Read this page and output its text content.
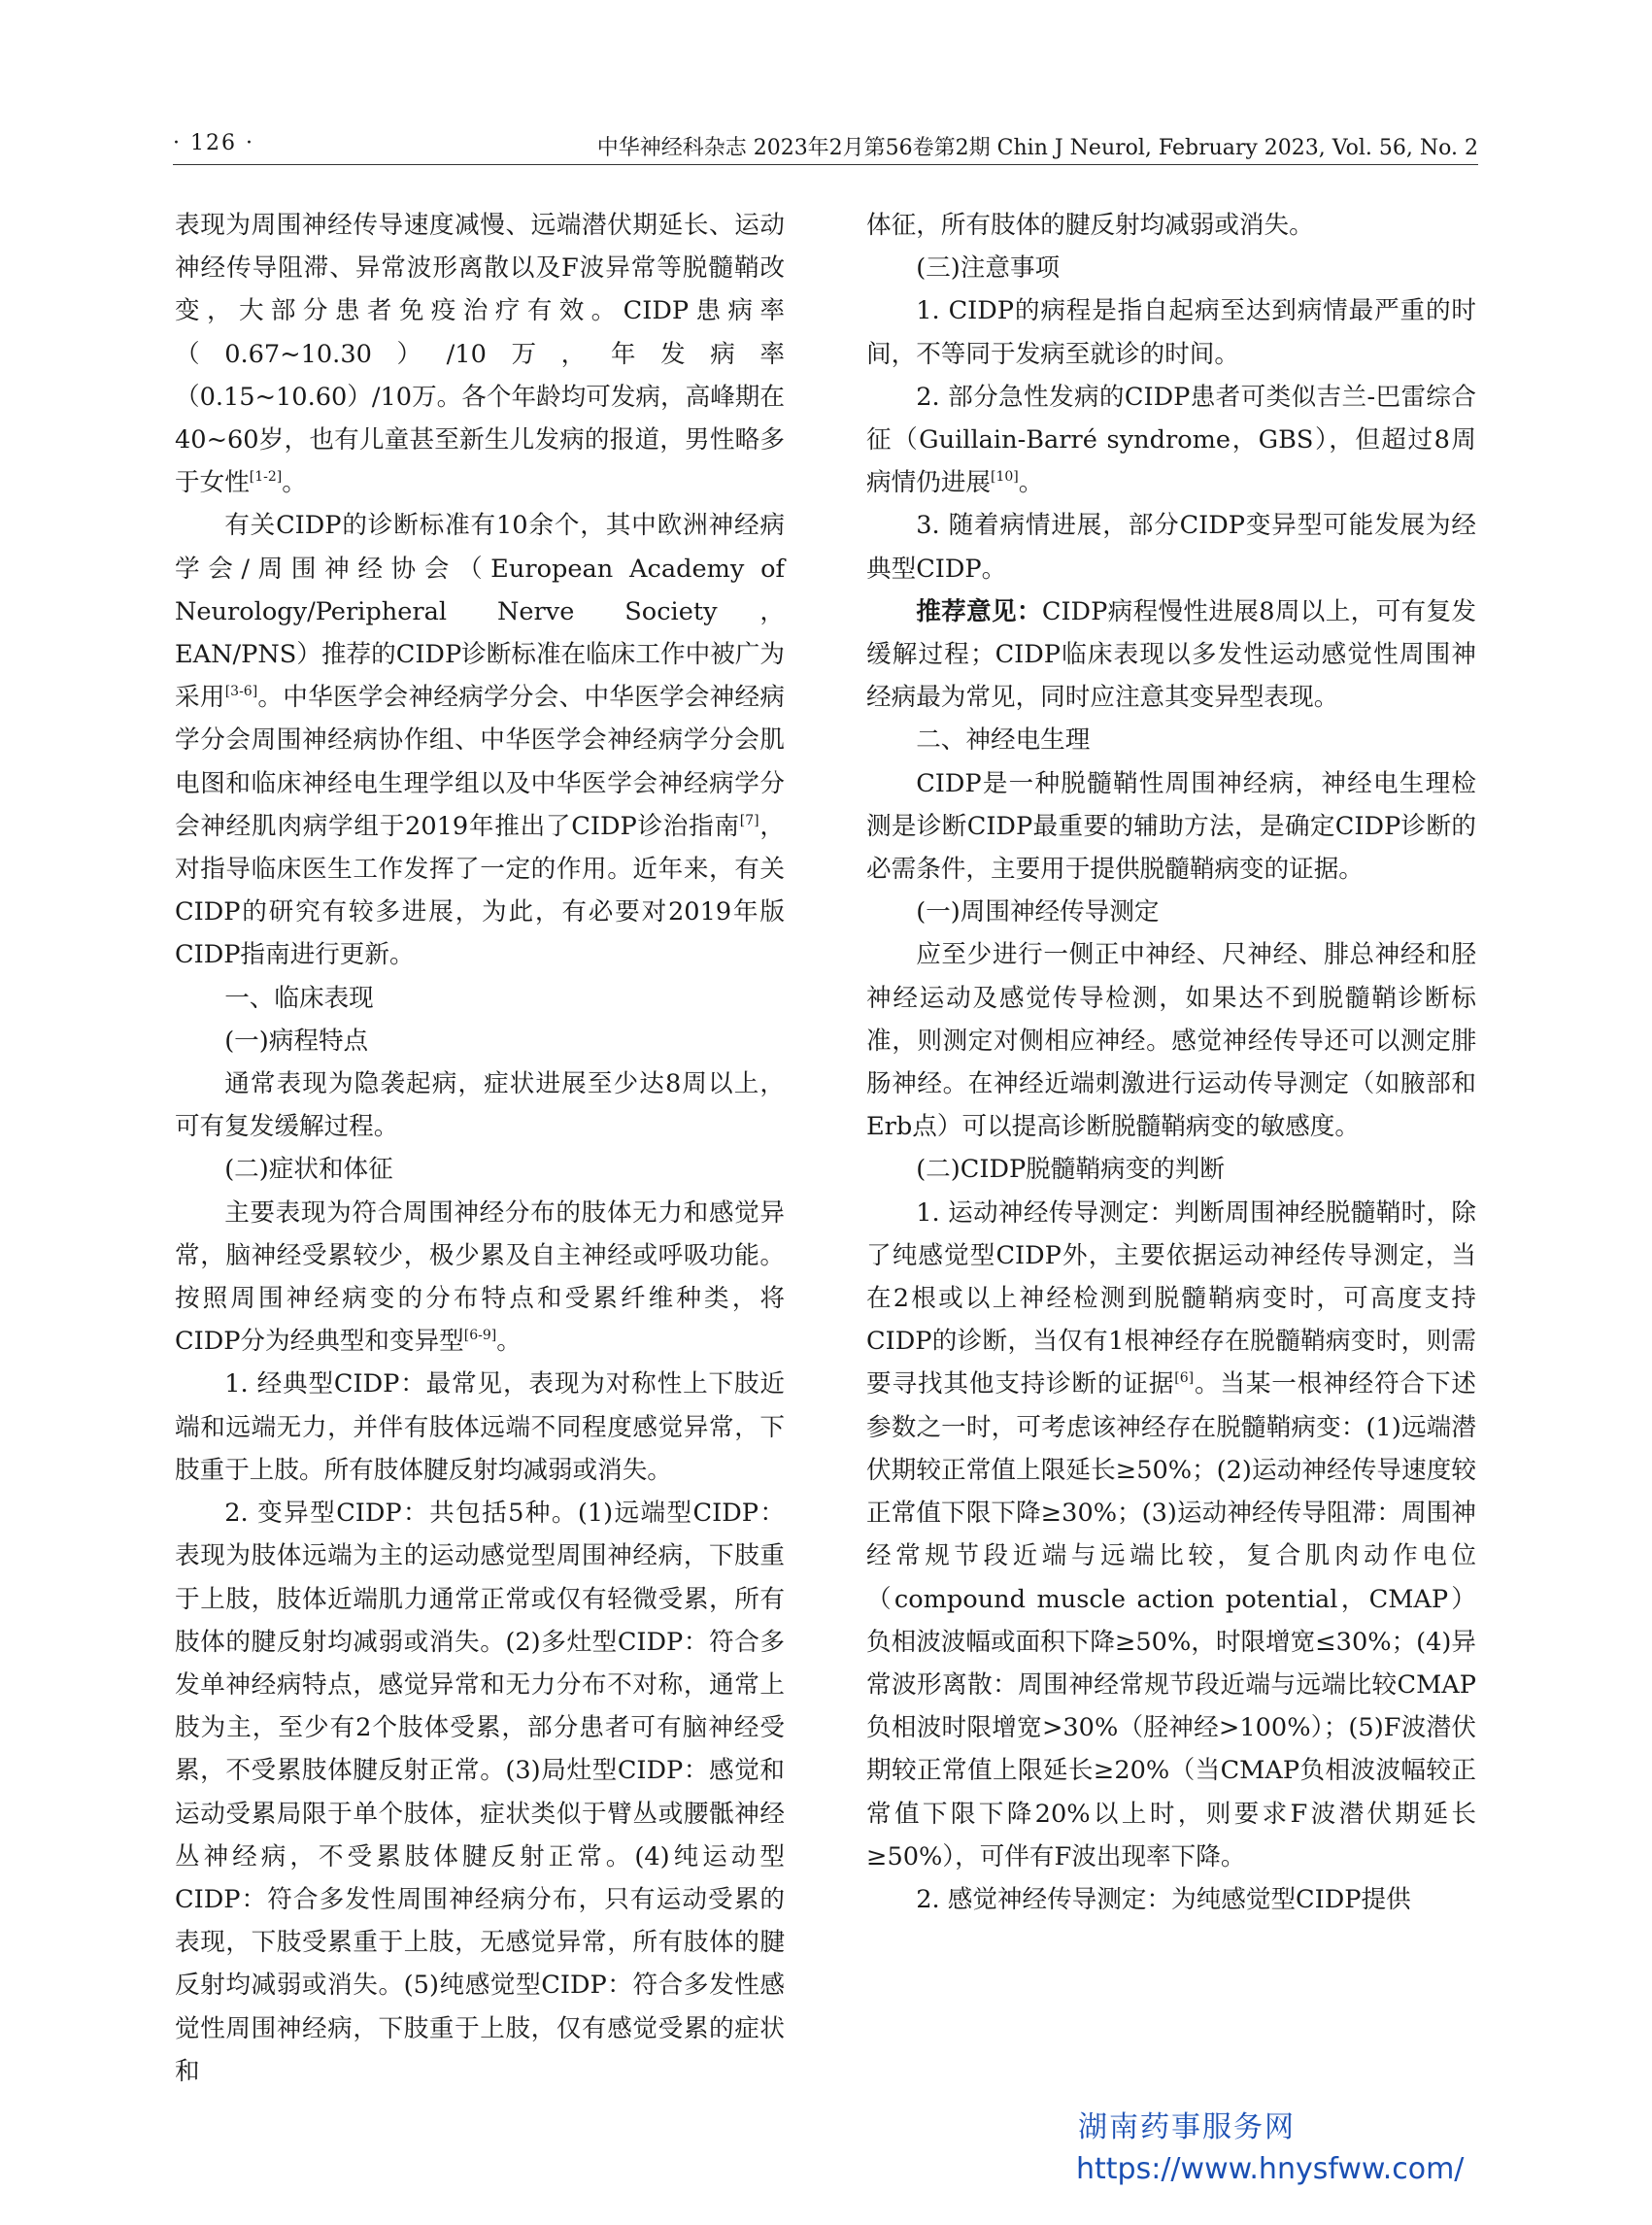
· 126 ·	中华神经科杂志 2023年2月第56卷第2期 Chin J Neurol, February 2023, Vol. 56, No. 2

表现为周围神经传导速度减慢、远端潜伏期延长、运动神经传导阻滞、异常波形离散以及F波异常等脱髓鞘改变，大部分患者免疫治疗有效。CIDP患病率（0.67~10.30）/10万，年发病率（0.15~10.60）/10万。各个年龄均可发病，高峰期在40~60岁，也有儿童甚至新生儿发病的报道，男性略多于女性[1-2]。

有关CIDP的诊断标准有10余个，其中欧洲神经病学会/周围神经协会（European Academy of Neurology/Peripheral Nerve Society，EAN/PNS）推荐的CIDP诊断标准在临床工作中被广为采用[3-6]。中华医学会神经病学分会、中华医学会神经病学分会周围神经病协作组、中华医学会神经病学分会肌电图和临床神经电生理学组以及中华医学会神经病学分会神经肌肉病学组于2019年推出了CIDP诊治指南[7]，对指导临床医生工作发挥了一定的作用。近年来，有关CIDP的研究有较多进展，为此，有必要对2019年版CIDP指南进行更新。

一、临床表现

(一)病程特点

通常表现为隐袭起病，症状进展至少达8周以上，可有复发缓解过程。

(二)症状和体征

主要表现为符合周围神经分布的肢体无力和感觉异常，脑神经受累较少，极少累及自主神经或呼吸功能。按照周围神经病变的分布特点和受累纤维种类，将CIDP分为经典型和变异型[6-9]。

1. 经典型CIDP：最常见，表现为对称性上下肢近端和远端无力，并伴有肢体远端不同程度感觉异常，下肢重于上肢。所有肢体腱反射均减弱或消失。

2. 变异型CIDP：共包括5种。(1)远端型CIDP：表现为肢体远端为主的运动感觉型周围神经病，下肢重于上肢，肢体近端肌力通常正常或仅有轻微受累，所有肢体的腱反射均减弱或消失。(2)多灶型CIDP：符合多发单神经病特点，感觉异常和无力分布不对称，通常上肢为主，至少有2个肢体受累，部分患者可有脑神经受累，不受累肢体腱反射正常。(3)局灶型CIDP：感觉和运动受累局限于单个肢体，症状类似于臂丛或腰骶神经丛神经病，不受累肢体腱反射正常。(4)纯运动型CIDP：符合多发性周围神经病分布，只有运动受累的表现，下肢受累重于上肢，无感觉异常，所有肢体的腱反射均减弱或消失。(5)纯感觉型CIDP：符合多发性感觉性周围神经病，下肢重于上肢，仅有感觉受累的症状和

体征，所有肢体的腱反射均减弱或消失。

(三)注意事项

1. CIDP的病程是指自起病至达到病情最严重的时间，不等同于发病至就诊的时间。

2. 部分急性发病的CIDP患者可类似吉兰-巴雷综合征（Guillain-Barré syndrome，GBS），但超过8周病情仍进展[10]。

3. 随着病情进展，部分CIDP变异型可能发展为经典型CIDP。

推荐意见：CIDP病程慢性进展8周以上，可有复发缓解过程；CIDP临床表现以多发性运动感觉性周围神经病最为常见，同时应注意其变异型表现。

二、神经电生理

CIDP是一种脱髓鞘性周围神经病，神经电生理检测是诊断CIDP最重要的辅助方法，是确定CIDP诊断的必需条件，主要用于提供脱髓鞘病变的证据。

(一)周围神经传导测定

应至少进行一侧正中神经、尺神经、腓总神经和胫神经运动及感觉传导检测，如果达不到脱髓鞘诊断标准，则测定对侧相应神经。感觉神经传导还可以测定腓肠神经。在神经近端刺激进行运动传导测定（如腋部和Erb点）可以提高诊断脱髓鞘病变的敏感度。

(二)CIDP脱髓鞘病变的判断

1. 运动神经传导测定：判断周围神经脱髓鞘时，除了纯感觉型CIDP外，主要依据运动神经传导测定，当在2根或以上神经检测到脱髓鞘病变时，可高度支持CIDP的诊断，当仅有1根神经存在脱髓鞘病变时，则需要寻找其他支持诊断的证据[6]。当某一根神经符合下述参数之一时，可考虑该神经存在脱髓鞘病变：(1)远端潜伏期较正常值上限延长≥50%；(2)运动神经传导速度较正常值下限下降≥30%；(3)运动神经传导阻滞：周围神经常规节段近端与远端比较，复合肌肉动作电位（compound muscle action potential，CMAP）负相波波幅或面积下降≥50%，时限增宽≤30%；(4)异常波形离散：周围神经常规节段近端与远端比较CMAP负相波时限增宽>30%（胫神经>100%）；(5)F波潜伏期较正常值上限延长≥20%（当CMAP负相波波幅较正常值下限下降20%以上时，则要求F波潜伏期延长≥50%），可伴有F波出现率下降。

2. 感觉神经传导测定：为纯感觉型CIDP提供

湖南药事服务网
https://www.hnysfww.com/
